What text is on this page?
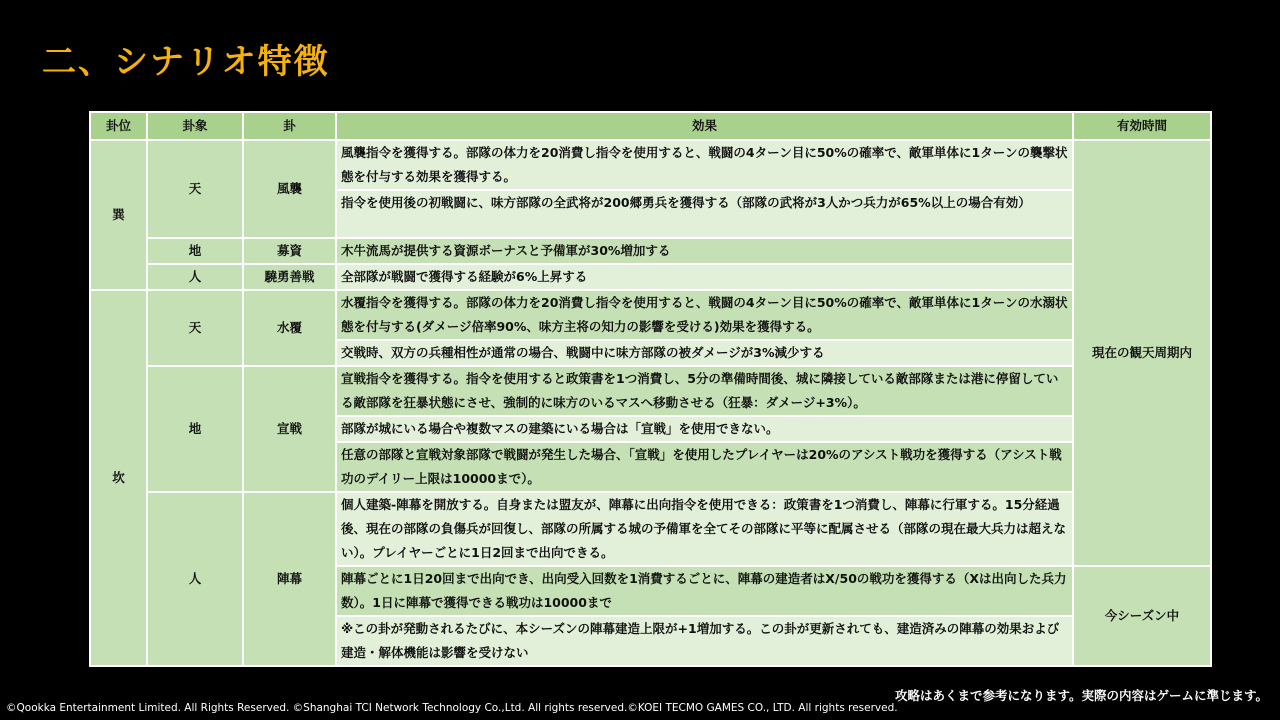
二、シナリオ特徴
卦位	卦象	卦	効果	有効時間
巽	天	風襲	風襲指令を獲得する。部隊の体力を20消費し指令を使用すると、戦闘の4ターン目に50%の確率で、敵軍単体に1ターンの襲撃状態を付与する効果を獲得する。	現在の観天周期内
			指令を使用後の初戦闘に、味方部隊の全武将が200郷勇兵を獲得する（部隊の武将が3人かつ兵力が65%以上の場合有効）	
	地	募資	木牛流馬が提供する資源ボーナスと予備軍が30%増加する	
	人	驍勇善戦	全部隊が戦闘で獲得する経験が6%上昇する	
坎	天	水覆	水覆指令を獲得する。部隊の体力を20消費し指令を使用すると、戦闘の4ターン目に50%の確率で、敵軍単体に1ターンの水溺状態を付与する(ダメージ倍率90%、味方主将の知力の影響を受ける)効果を獲得する。	
			交戦時、双方の兵種相性が通常の場合、戦闘中に味方部隊の被ダメージが3%減少する	
	地	宣戦	宣戦指令を獲得する。指令を使用すると政策書を1つ消費し、5分の準備時間後、城に隣接している敵部隊または港に停留している敵部隊を狂暴状態にさせ、強制的に味方のいるマスへ移動させる（狂暴：ダメージ+3%）。	
			部隊が城にいる場合や複数マスの建築にいる場合は「宣戦」を使用できない。	
			任意の部隊と宣戦対象部隊で戦闘が発生した場合、「宣戦」を使用したプレイヤーは20%のアシスト戦功を獲得する（アシスト戦功のデイリー上限は10000まで）。	

	人	陣幕	個人建築-陣幕を開放する。自身または盟友が、陣幕に出向指令を使用できる：政策書を1つ消費し、陣幕に行軍する。15分経過後、現在の部隊の負傷兵が回復し、部隊の所属する城の予備軍を全てその部隊に平等に配属させる（部隊の現在最大兵力は超えない）。プレイヤーごとに1日2回まで出向できる。	
			陣幕ごとに1日20回まで出向でき、出向受入回数を1消費するごとに、陣幕の建造者はX/50の戦功を獲得する（Xは出向した兵力数）。1日に陣幕で獲得できる戦功は10000まで	今シーズン中
			※この卦が発動されるたびに、本シーズンの陣幕建造上限が+1増加する。この卦が更新されても、建造済みの陣幕の効果および建造・解体機能は影響を受けない	

攻略はあくまで参考になります。実際の内容はゲームに準じます。
©Qookka Entertainment Limited. All Rights Reserved. ©Shanghai TCI Network Technology Co.,Ltd. All rights reserved.©KOEI TECMO GAMES CO., LTD. All rights reserved.
